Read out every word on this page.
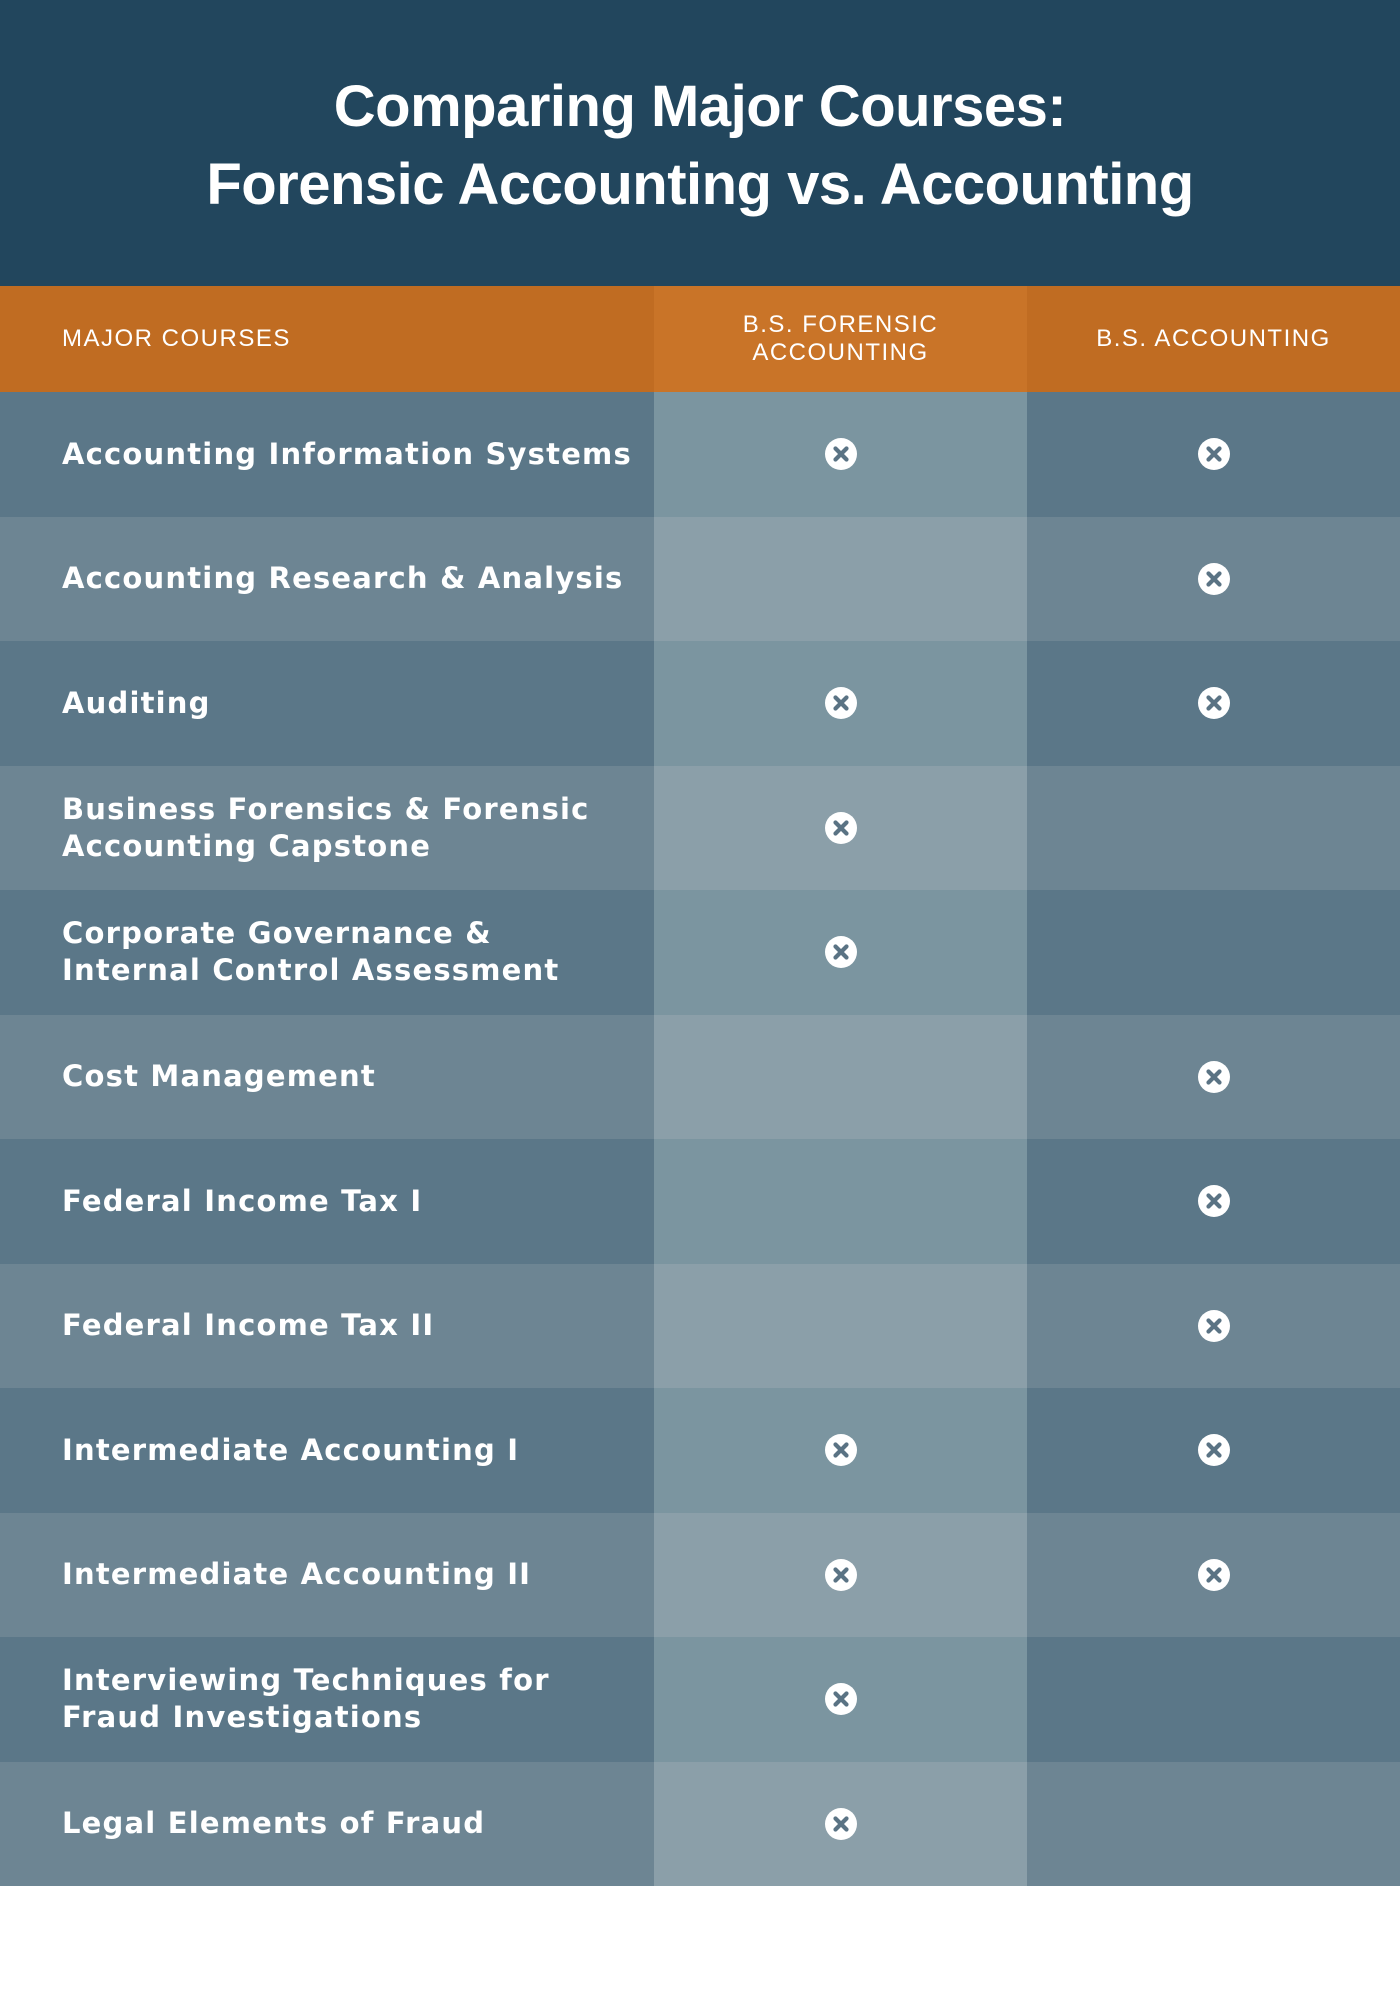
Comparing Major Courses:
Forensic Accounting vs. Accounting
MAJOR COURSES
B.S. FORENSIC ACCOUNTING
B.S. ACCOUNTING
Accounting Information Systems
Accounting Research & Analysis
Auditing
Business Forensics & Forensic Accounting Capstone
Corporate Governance & Internal Control Assessment
Cost Management
Federal Income Tax I
Federal Income Tax II
Intermediate Accounting I
Intermediate Accounting II
Interviewing Techniques for Fraud Investigations
Legal Elements of Fraud
